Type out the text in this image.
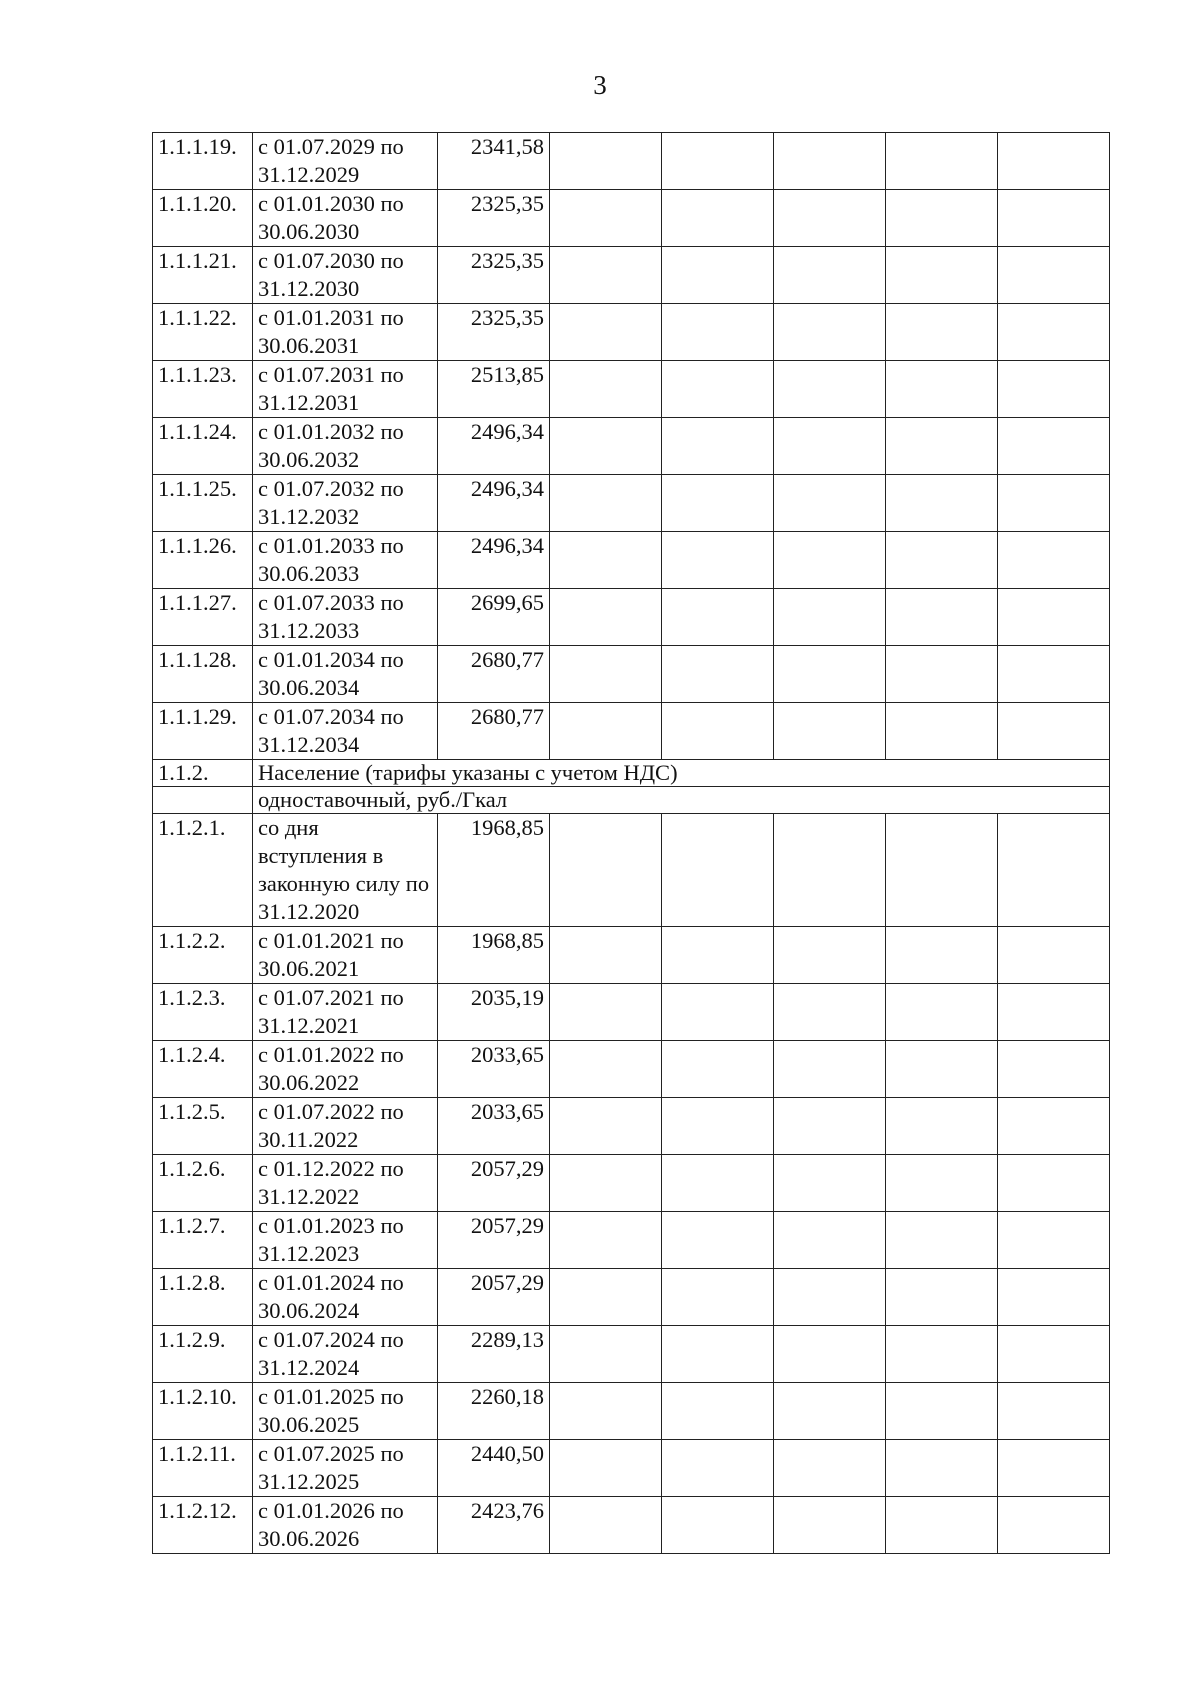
3
1.1.1.19.	с 01.07.2029 по 31.12.2029	2341,58					
1.1.1.20.	с 01.01.2030 по 30.06.2030	2325,35					
1.1.1.21.	с 01.07.2030 по 31.12.2030	2325,35					
1.1.1.22.	с 01.01.2031 по 30.06.2031	2325,35					
1.1.1.23.	с 01.07.2031 по 31.12.2031	2513,85					
1.1.1.24.	с 01.01.2032 по 30.06.2032	2496,34					
1.1.1.25.	с 01.07.2032 по 31.12.2032	2496,34					
1.1.1.26.	с 01.01.2033 по 30.06.2033	2496,34					
1.1.1.27.	с 01.07.2033 по 31.12.2033	2699,65					
1.1.1.28.	с 01.01.2034 по 30.06.2034	2680,77					
1.1.1.29.	с 01.07.2034 по 31.12.2034	2680,77					
1.1.2.	Население (тарифы указаны с учетом НДС)						
	одноставочный, руб./Гкал						
1.1.2.1.	со дня вступления в законную силу по 31.12.2020	1968,85					
1.1.2.2.	с 01.01.2021 по 30.06.2021	1968,85					
1.1.2.3.	с 01.07.2021 по 31.12.2021	2035,19					
1.1.2.4.	с 01.01.2022 по 30.06.2022	2033,65					
1.1.2.5.	с 01.07.2022 по 30.11.2022	2033,65					
1.1.2.6.	с 01.12.2022 по 31.12.2022	2057,29					
1.1.2.7.	с 01.01.2023 по 31.12.2023	2057,29					
1.1.2.8.	с 01.01.2024 по 30.06.2024	2057,29					
1.1.2.9.	с 01.07.2024 по 31.12.2024	2289,13					
1.1.2.10.	с 01.01.2025 по 30.06.2025	2260,18					
1.1.2.11.	с 01.07.2025 по 31.12.2025	2440,50					
1.1.2.12.	с 01.01.2026 по 30.06.2026	2423,76					
